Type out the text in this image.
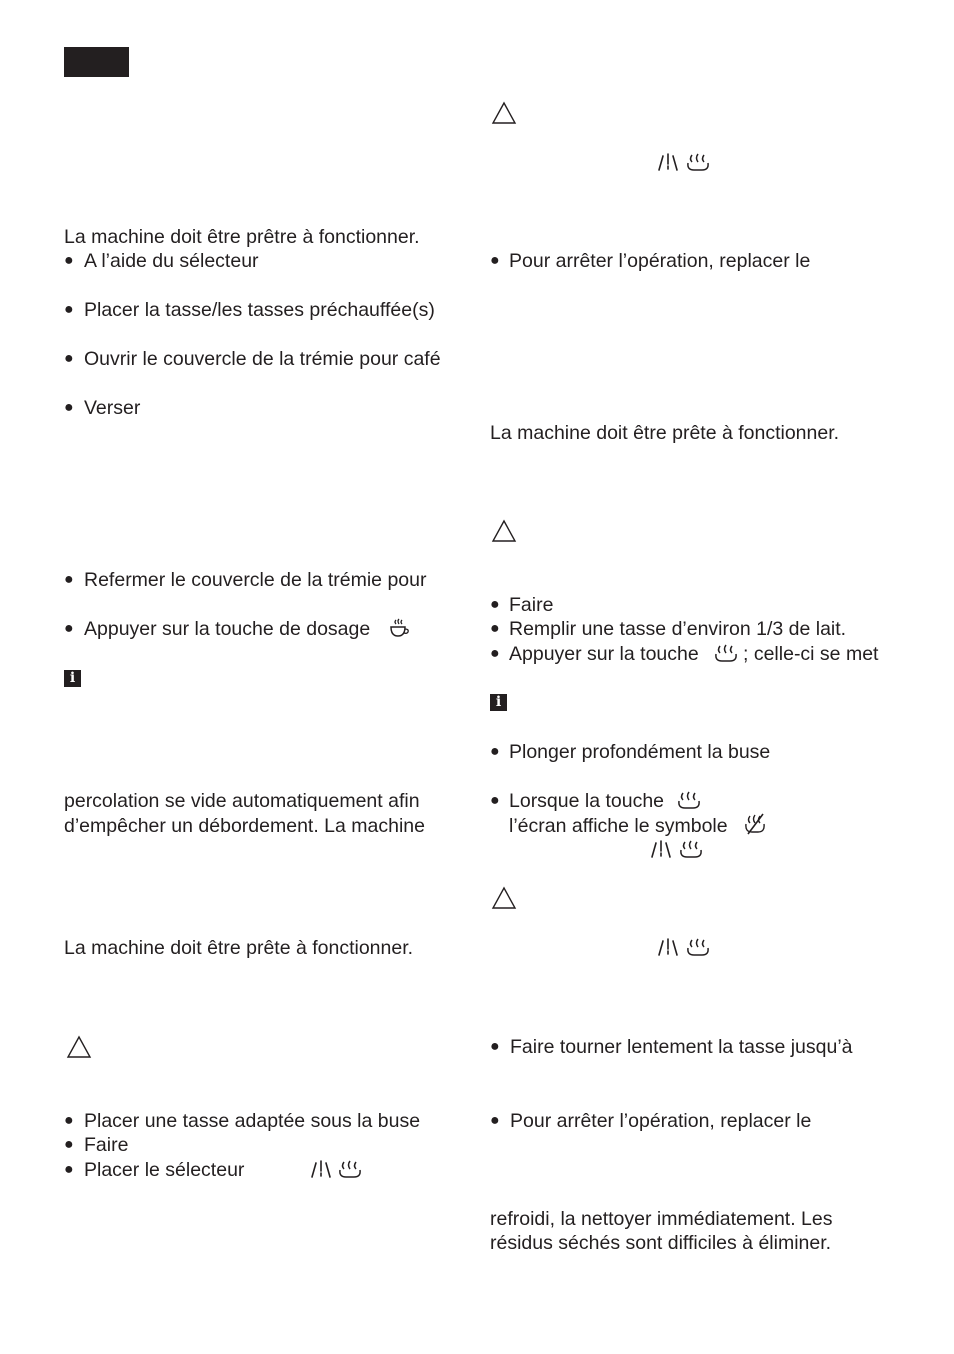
La machine doit être prêtre à fonctionner.
● A l’aide du sélecteur
● Placer la tasse/les tasses préchauffée(s)
● Ouvrir le couvercle de la trémie pour café
● Verser
● Refermer le couvercle de la trémie pour
● Appuyer sur la touche de dosage
i
percolation se vide automatiquement afin
d’empêcher un débordement. La machine
La machine doit être prête à fonctionner.
● Placer une tasse adaptée sous la buse
● Faire
● Placer le sélecteur
● Pour arrêter l’opération, replacer le
La machine doit être prête à fonctionner.
● Faire
● Remplir une tasse d’environ 1/3 de lait.
● Appuyer sur la touche ; celle-ci se met
i
● Plonger profondément la buse
● Lorsque la touche
l’écran affiche le symbole
● Faire tourner lentement la tasse jusqu’à
● Pour arrêter l’opération, replacer le
refroidi, la nettoyer immédiatement. Les
résidus séchés sont difficiles à éliminer.
